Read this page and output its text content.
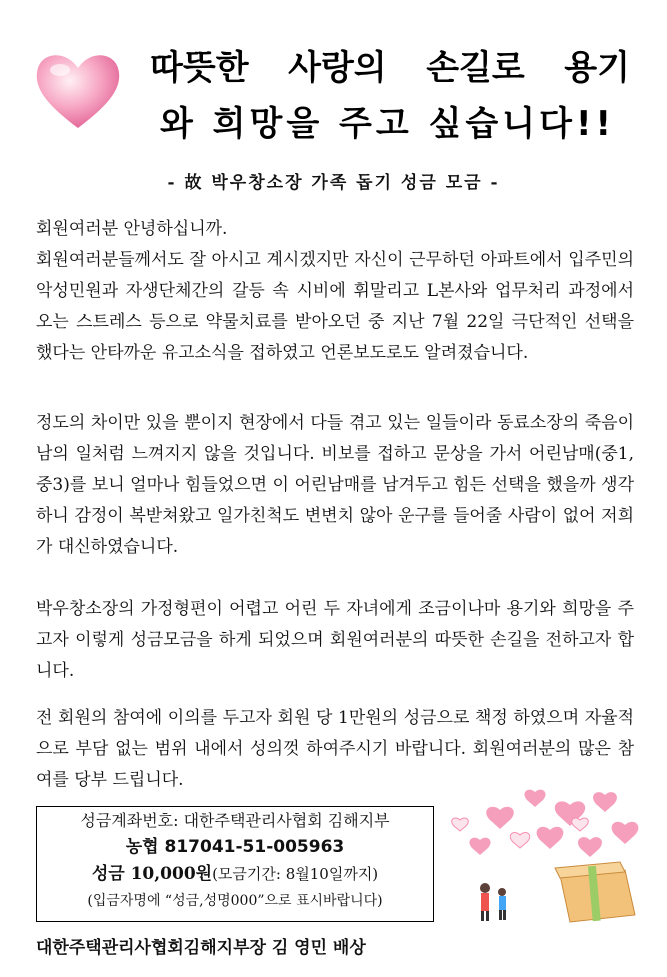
따뜻한 사랑의 손길로 용기
와 희망을 주고 싶습니다!!
- 故 박우창소장 가족 돕기 성금 모금 -
회원여러분 안녕하십니까.
회원여러분들께서도 잘 아시고 계시겠지만 자신이 근무하던 아파트에서 입주민의 악성민원과 자생단체간의 갈등 속 시비에 휘말리고 L본사와 업무처리 과정에서 오는 스트레스 등으로 약물치료를 받아오던 중 지난 7월 22일 극단적인 선택을 했다는 안타까운 유고소식을 접하였고 언론보도로도 알려졌습니다.
정도의 차이만 있을 뿐이지 현장에서 다들 겪고 있는 일들이라 동료소장의 죽음이 남의 일처럼 느껴지지 않을 것입니다. 비보를 접하고 문상을 가서 어린남매(중1,중3)를 보니 얼마나 힘들었으면 이 어린남매를 남겨두고 힘든 선택을 했을까 생각하니 감정이 복받쳐왔고 일가친척도 변변치 않아 운구를 들어줄 사람이 없어 저희가 대신하였습니다.
박우창소장의 가정형편이 어렵고 어린 두 자녀에게 조금이나마 용기와 희망을 주고자 이렇게 성금모금을 하게 되었으며 회원여러분의 따뜻한 손길을 전하고자 합니다.
전 회원의 참여에 이의를 두고자 회원 당 1만원의 성금으로 책정 하였으며 자율적으로 부담 없는 범위 내에서 성의껏 하여주시기 바랍니다. 회원여러분의 많은 참여를 당부 드립니다.
성금계좌번호: 대한주택관리사협회 김해지부
농협 817041-51-005963
성금 10,000원(모금기간: 8월10일까지)
(입금자명에 “성금,성명000”으로 표시바랍니다)
대한주택관리사협회김해지부장 김 영민 배상
